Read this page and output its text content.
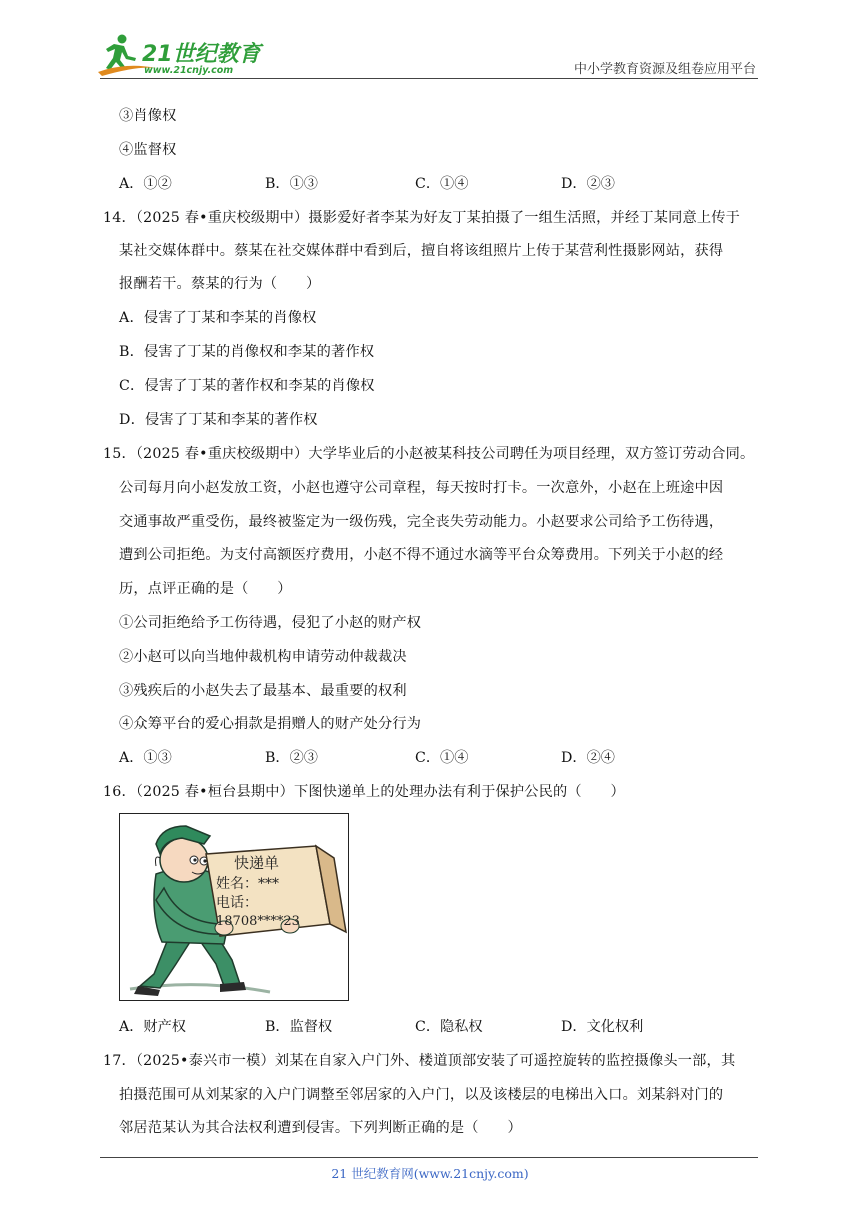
21世纪教育
www.21cnjy.com	中小学教育资源及组卷应用平台
③肖像权
④监督权
A．①②	B．①③	C．①④	D．②③
14．（2025 春•重庆校级期中）摄影爱好者李某为好友丁某拍摄了一组生活照，并经丁某同意上传于
某社交媒体群中。蔡某在社交媒体群中看到后，擅自将该组照片上传于某营利性摄影网站，获得
报酬若干。蔡某的行为（　　）
A．侵害了丁某和李某的肖像权
B．侵害了丁某的肖像权和李某的著作权
C．侵害了丁某的著作权和李某的肖像权
D．侵害了丁某和李某的著作权
15．（2025 春•重庆校级期中）大学毕业后的小赵被某科技公司聘任为项目经理，双方签订劳动合同。
公司每月向小赵发放工资，小赵也遵守公司章程，每天按时打卡。一次意外，小赵在上班途中因
交通事故严重受伤，最终被鉴定为一级伤残，完全丧失劳动能力。小赵要求公司给予工伤待遇，
遭到公司拒绝。为支付高额医疗费用，小赵不得不通过水滴等平台众筹费用。下列关于小赵的经
历，点评正确的是（　　）
①公司拒绝给予工伤待遇，侵犯了小赵的财产权
②小赵可以向当地仲裁机构申请劳动仲裁裁决
③残疾后的小赵失去了最基本、最重要的权利
④众筹平台的爱心捐款是捐赠人的财产处分行为
A．①③	B．②③	C．①④	D．②④
16．（2025 春•桓台县期中）下图快递单上的处理办法有利于保护公民的（　　）
快递单
姓名：***
电话：
18708****23
A．财产权	B．监督权	C．隐私权	D．文化权利
17．（2025•泰兴市一模）刘某在自家入户门外、楼道顶部安装了可遥控旋转的监控摄像头一部，其
拍摄范围可从刘某家的入户门调整至邻居家的入户门，以及该楼层的电梯出入口。刘某斜对门的
邻居范某认为其合法权利遭到侵害。下列判断正确的是（　　）
21 世纪教育网(www.21cnjy.com)
